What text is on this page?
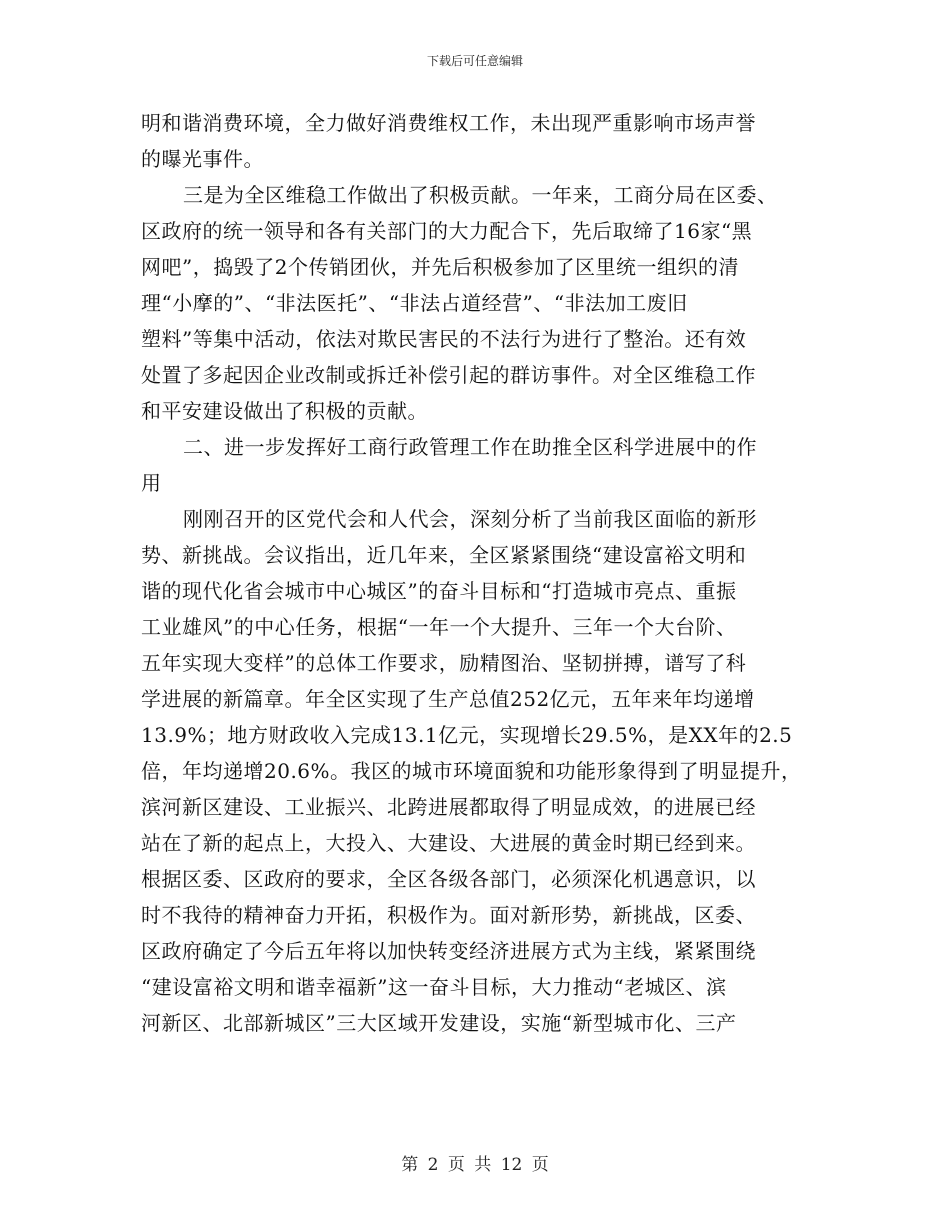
下载后可任意编辑
明和谐消费环境，全力做好消费维权工作，未出现严重影响市场声誉
的曝光事件。
三是为全区维稳工作做出了积极贡献。一年来，工商分局在区委、
区政府的统一领导和各有关部门的大力配合下，先后取缔了16家“黑
网吧”，捣毁了2个传销团伙，并先后积极参加了区里统一组织的清
理“小摩的”、“非法医托”、“非法占道经营”、“非法加工废旧
塑料”等集中活动，依法对欺民害民的不法行为进行了整治。还有效
处置了多起因企业改制或拆迁补偿引起的群访事件。对全区维稳工作
和平安建设做出了积极的贡献。
二、进一步发挥好工商行政管理工作在助推全区科学进展中的作
用
刚刚召开的区党代会和人代会，深刻分析了当前我区面临的新形
势、新挑战。会议指出，近几年来，全区紧紧围绕“建设富裕文明和
谐的现代化省会城市中心城区”的奋斗目标和“打造城市亮点、重振
工业雄风”的中心任务，根据“一年一个大提升、三年一个大台阶、
五年实现大变样”的总体工作要求，励精图治、坚韧拼搏，谱写了科
学进展的新篇章。年全区实现了生产总值252亿元，五年来年均递增
13.9%；地方财政收入完成13.1亿元，实现增长29.5%，是XX年的2.5
倍，年均递增20.6%。我区的城市环境面貌和功能形象得到了明显提升，
滨河新区建设、工业振兴、北跨进展都取得了明显成效，的进展已经
站在了新的起点上，大投入、大建设、大进展的黄金时期已经到来。
根据区委、区政府的要求，全区各级各部门，必须深化机遇意识，以
时不我待的精神奋力开拓，积极作为。面对新形势，新挑战，区委、
区政府确定了今后五年将以加快转变经济进展方式为主线，紧紧围绕
“建设富裕文明和谐幸福新”这一奋斗目标，大力推动“老城区、滨
河新区、北部新城区”三大区域开发建设，实施“新型城市化、三产
第 2 页 共 12 页
